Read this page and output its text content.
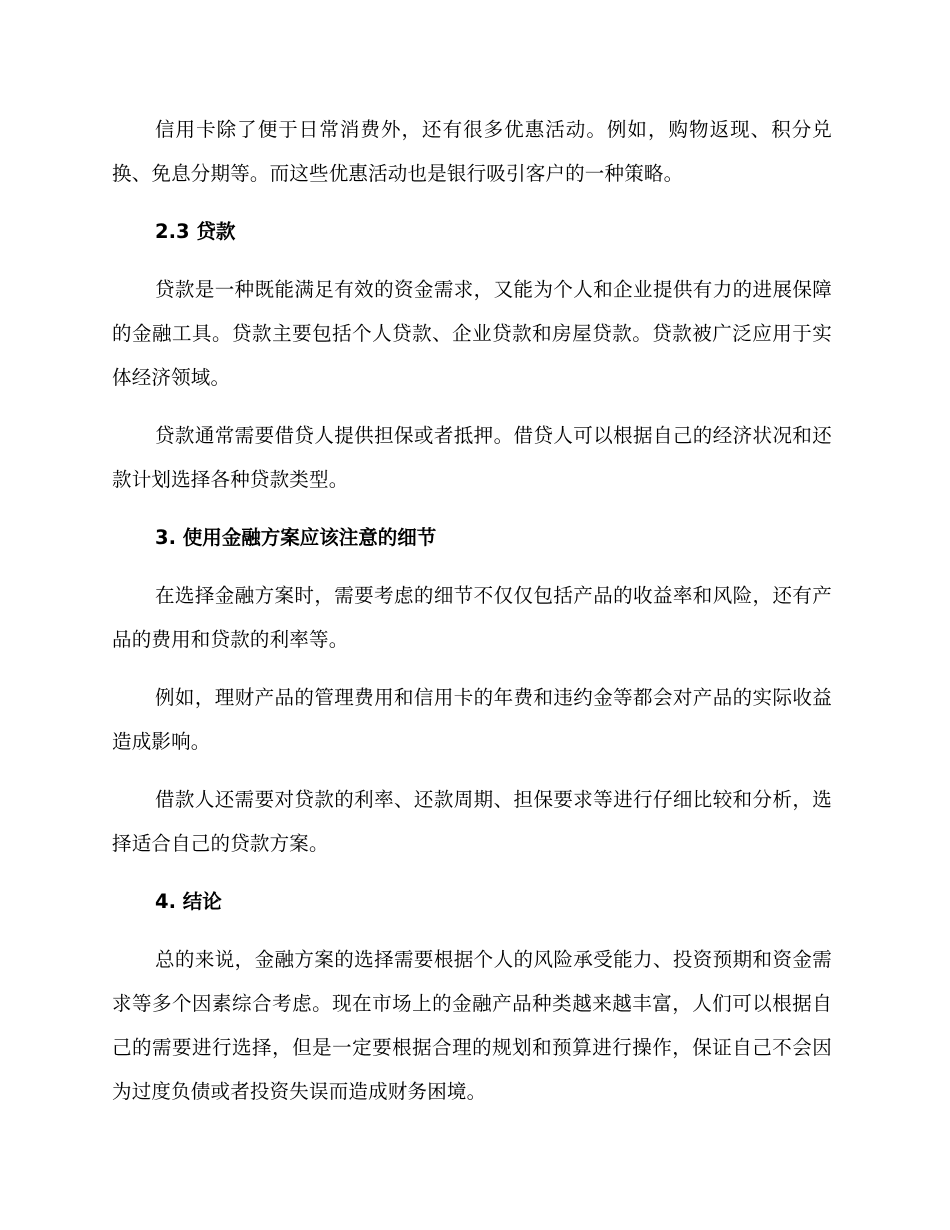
信用卡除了便于日常消费外，还有很多优惠活动。例如，购物返现、积分兑换、免息分期等。而这些优惠活动也是银行吸引客户的一种策略。

2.3 贷款

贷款是一种既能满足有效的资金需求，又能为个人和企业提供有力的进展保障的金融工具。贷款主要包括个人贷款、企业贷款和房屋贷款。贷款被广泛应用于实体经济领域。

贷款通常需要借贷人提供担保或者抵押。借贷人可以根据自己的经济状况和还款计划选择各种贷款类型。

3. 使用金融方案应该注意的细节

在选择金融方案时，需要考虑的细节不仅仅包括产品的收益率和风险，还有产品的费用和贷款的利率等。

例如，理财产品的管理费用和信用卡的年费和违约金等都会对产品的实际收益造成影响。

借款人还需要对贷款的利率、还款周期、担保要求等进行仔细比较和分析，选择适合自己的贷款方案。

4. 结论

总的来说，金融方案的选择需要根据个人的风险承受能力、投资预期和资金需求等多个因素综合考虑。现在市场上的金融产品种类越来越丰富，人们可以根据自己的需要进行选择，但是一定要根据合理的规划和预算进行操作，保证自己不会因为过度负债或者投资失误而造成财务困境。
